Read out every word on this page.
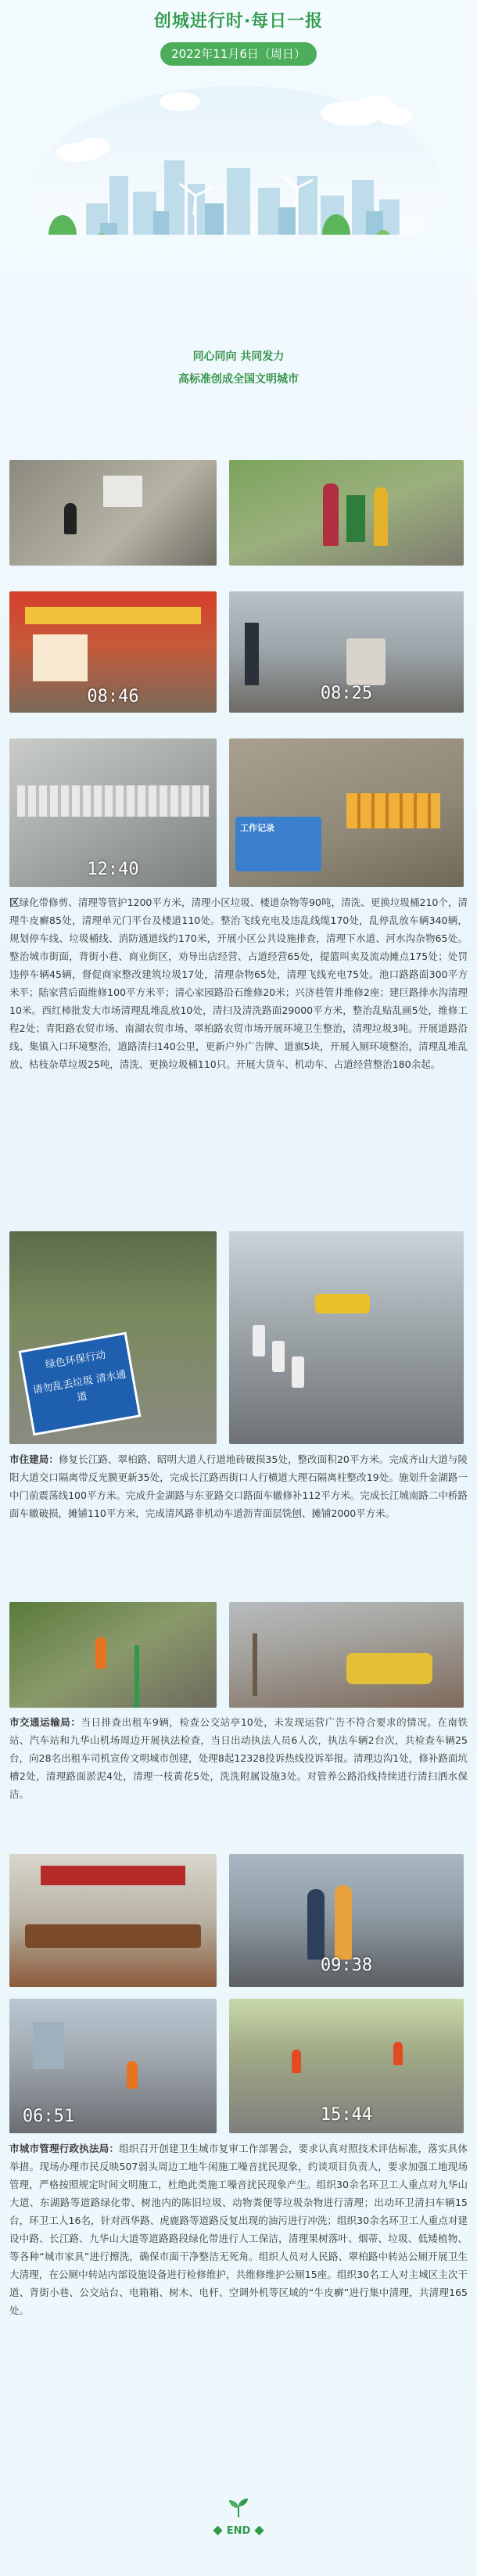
创城进行时·每日一报
2022年11月6日（周日）
同心同向 共同发力
高标准创成全国文明城市
08:46	08:25
12:40
工作记录
区绿化带修剪、清理等管护1200平方米，清理小区垃圾、楼道杂物等90吨，清洗、更换垃圾桶210个，清理牛皮癣85处，清理单元门平台及楼道110处。整治飞线充电及违乱线缆170处，乱停乱放车辆340辆，规划停车线、垃圾桶线、消防通道线约170米，开展小区公共设施排查，清理下水道、河水沟杂物65处。整治城市街面，背街小巷、商业街区，劝导出店经营、占道经营65处，提篮叫卖及流动摊点175处；处罚违停车辆45辆，督促商家整改建筑垃圾17处，清理杂物65处，清理飞线充电75处。池口路路面300平方米平；陆家营后面维修100平方米平；清心家园路沿石维修20米；兴济巷管井维修2座；建巨路排水沟清理10米。西红柿批发大市场清理乱堆乱放10处，清扫及清洗路面29000平方米，整治乱贴乱画5处，维修工程2处；青阳路农贸市场、南湖农贸市场、翠柏路农贸市场开展环境卫生整治，清理垃圾3吨。开展道路沿线、集镇入口环境整治，道路清扫140公里，更新户外广告牌、道旗5块，开展入厕环境整治，清理乱堆乱放、枯枝杂草垃圾25吨，清洗、更换垃圾桶110只。开展大货车、机动车、占道经营整治180余起。
绿色环保行动
请勿乱丢垃圾 清水通道
市住建局：修复长江路、翠柏路、昭明大道人行道地砖破损35处，整改面积20平方米。完成齐山大道与陵阳大道交口隔离带反光膜更新35处，完成长江路西街口人行横道大理石隔离柱整改19处。施划升金湖路一中门前震荡线100平方米。完成升金湖路与东亚路交口路面车辙修补112平方米。完成长江城南路二中桥路面车辙破损，摊铺110平方米，完成清风路非机动车道沥青面层铣刨、摊铺2000平方米。
市交通运输局：当日排查出租车9辆，检查公交站亭10处，未发现运营广告不符合要求的情况。在南铁站、汽车站和九华山机场周边开展执法检查，当日出动执法人员6人次，执法车辆2台次，共检查车辆25台，向28名出租车司机宣传文明城市创建，处理8起12328投诉热线投诉举报。清理边沟1处，修补路面坑槽2处，清理路面淤泥4处，清理一枝黄花5处，洗洗附属设施3处。对管养公路沿线持续进行清扫洒水保洁。
09:38
06:51	15:44
市城市管理行政执法局：组织召开创建卫生城市复审工作部署会，要求认真对照技术评估标准，落实具体举措。现场办理市民反映507弱头周边工地牛闲施工噪音扰民现象，约谈项目负责人，要求加强工地现场管理，严格按照规定时间文明施工，杜绝此类施工噪音扰民现象产生。组织30余名环卫工人重点对九华山大道、东湖路等道路绿化带、树池内的陈旧垃圾、动物粪便等垃圾杂物进行清理；出动环卫清扫车辆15台，环卫工人16名，针对西华路、虎鹿路等道路反复出现的油污进行冲洗；组织30余名环卫工人重点对建设中路、长江路、九华山大道等道路路段绿化带进行人工保洁，清理果树落叶、烟蒂、垃圾、低矮植物、等各种“城市家具”进行擦洗，确保市面干净整洁无死角。组织人员对人民路、翠柏路中转站公厕开展卫生大清理，在公厕中转站内部设施设备进行检修维护，共维修维护公厕15座。组织30名工人对主城区主次干道、背街小巷、公交站台、电箱箱、树木、电杆、空调外机等区域的“牛皮癣”进行集中清理，共清理165处。
◆ END ◆
